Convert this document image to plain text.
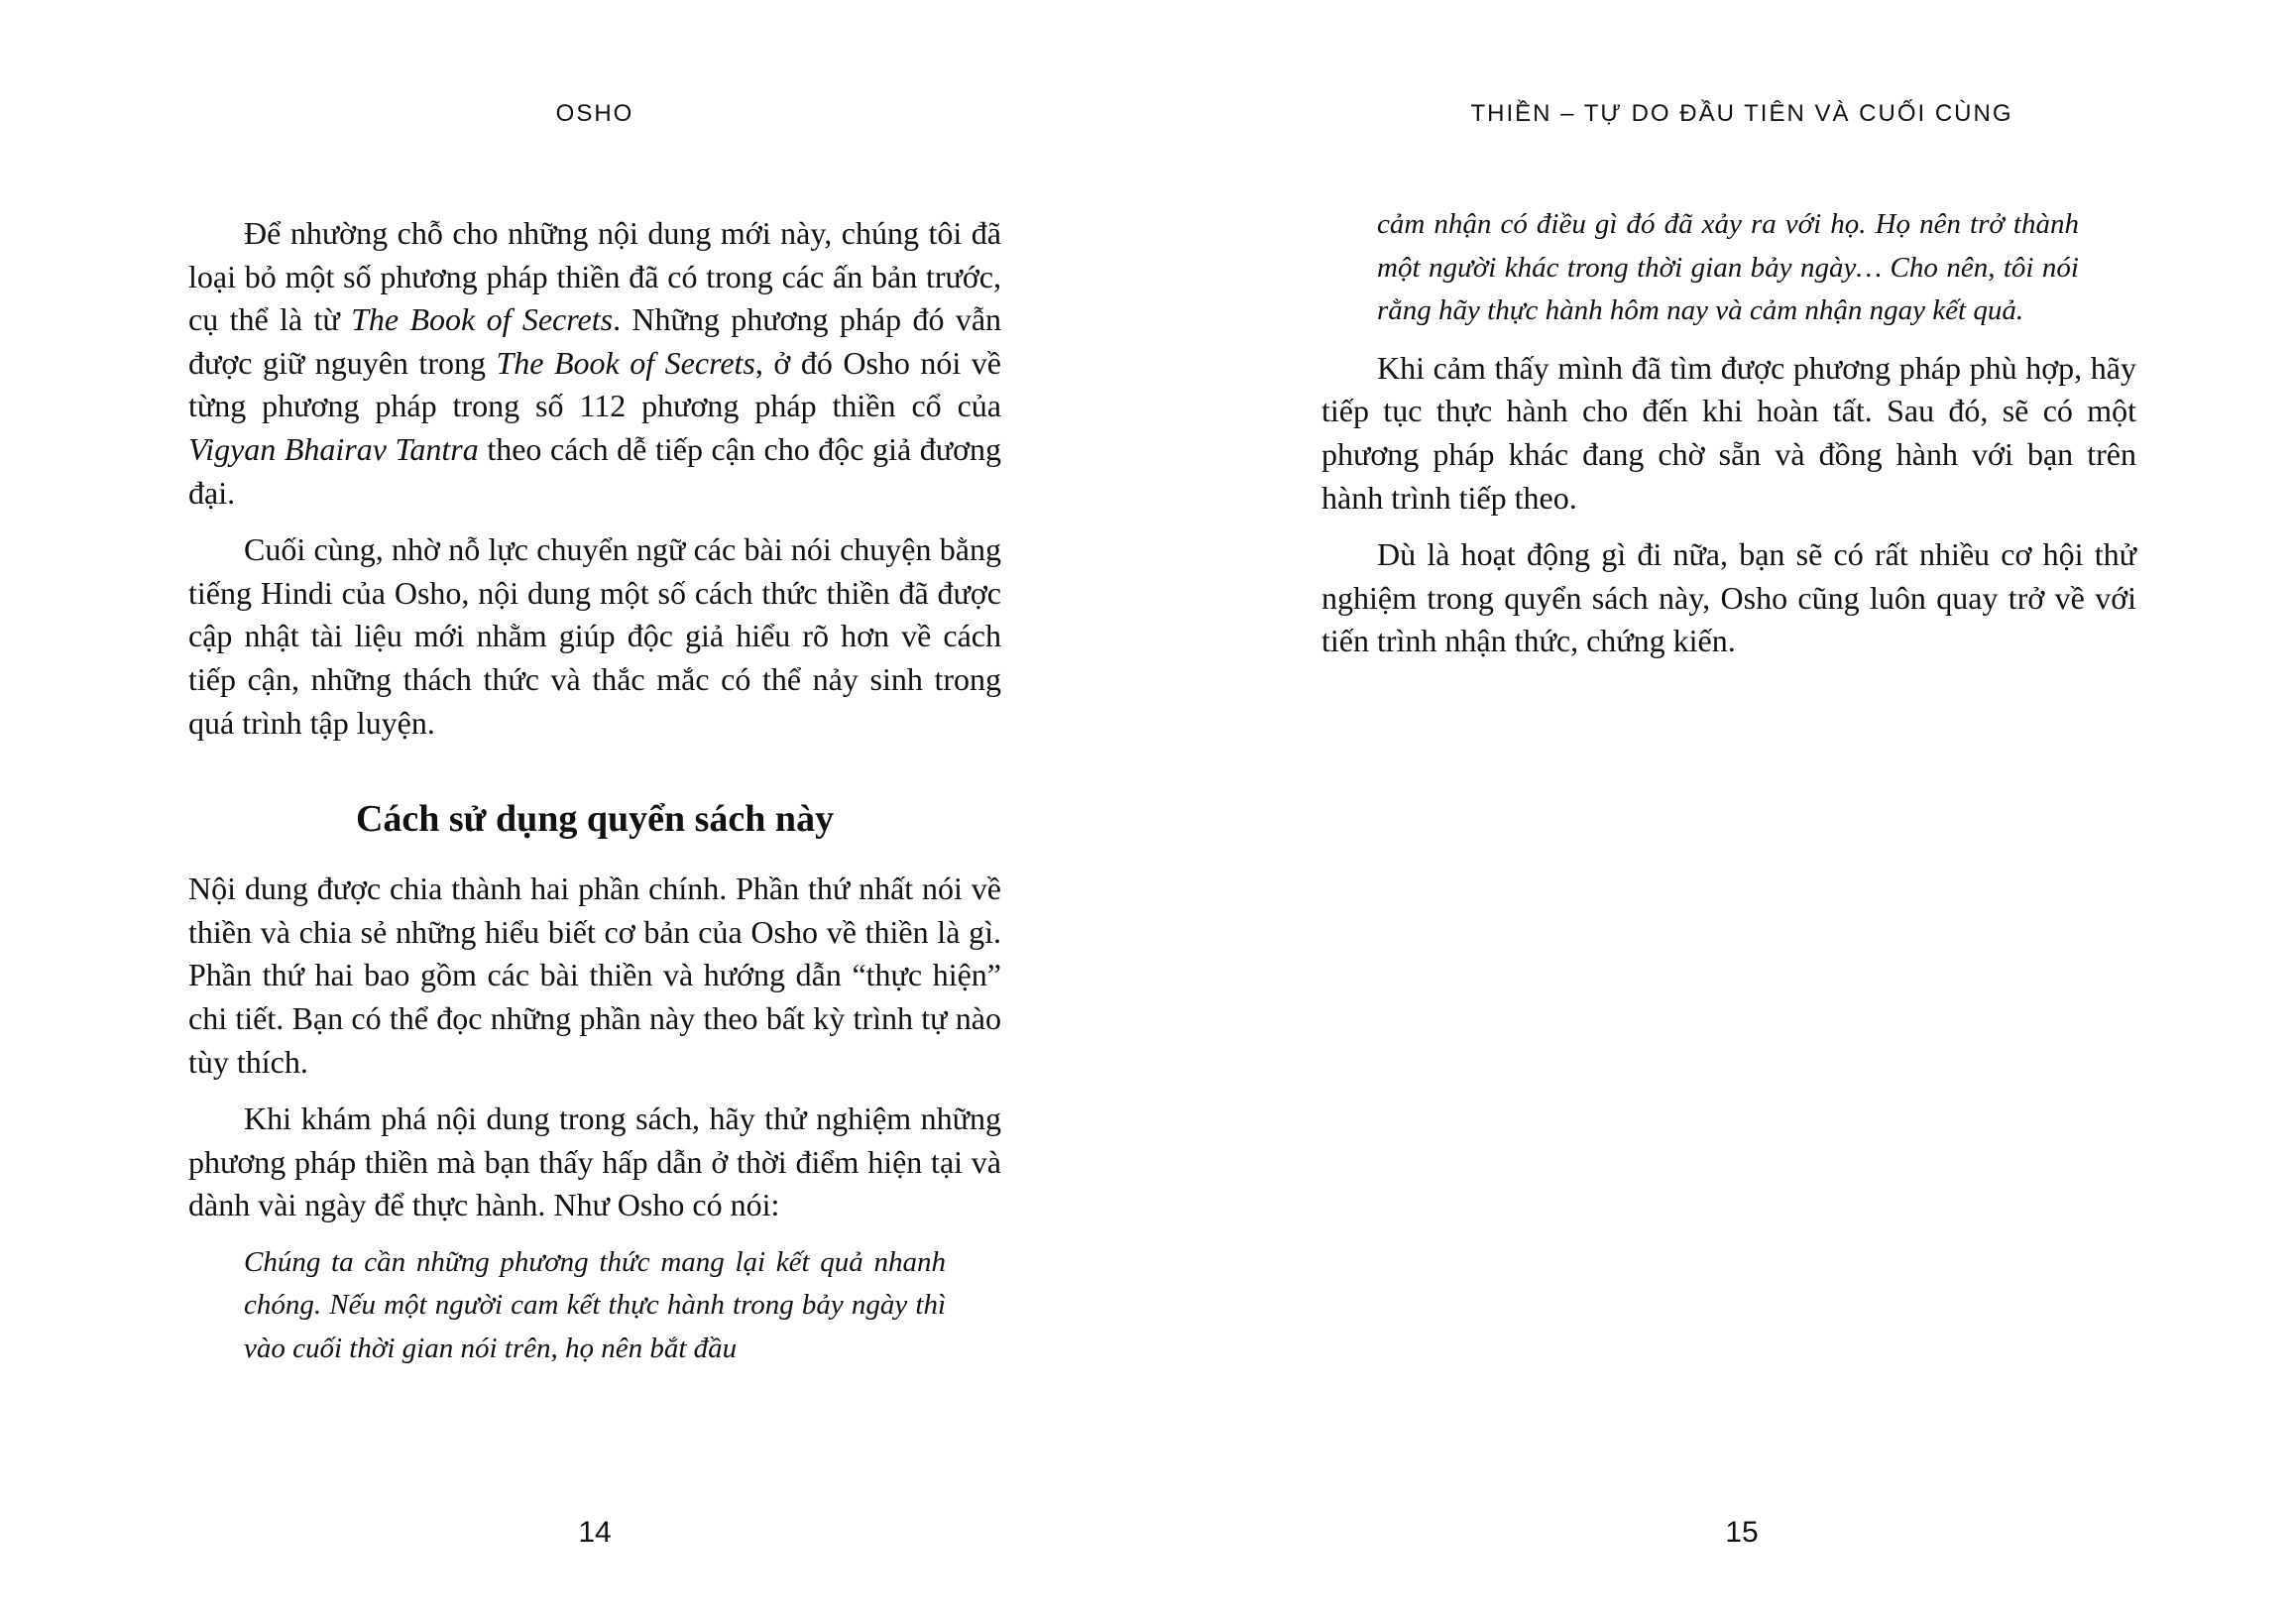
OSHO

Để nhường chỗ cho những nội dung mới này, chúng tôi đã loại bỏ một số phương pháp thiền đã có trong các ấn bản trước, cụ thể là từ The Book of Secrets. Những phương pháp đó vẫn được giữ nguyên trong The Book of Secrets, ở đó Osho nói về từng phương pháp trong số 112 phương pháp thiền cổ của Vigyan Bhairav Tantra theo cách dễ tiếp cận cho độc giả đương đại.

Cuối cùng, nhờ nỗ lực chuyển ngữ các bài nói chuyện bằng tiếng Hindi của Osho, nội dung một số cách thức thiền đã được cập nhật tài liệu mới nhằm giúp độc giả hiểu rõ hơn về cách tiếp cận, những thách thức và thắc mắc có thể nảy sinh trong quá trình tập luyện.

Cách sử dụng quyển sách này

Nội dung được chia thành hai phần chính. Phần thứ nhất nói về thiền và chia sẻ những hiểu biết cơ bản của Osho về thiền là gì. Phần thứ hai bao gồm các bài thiền và hướng dẫn “thực hiện” chi tiết. Bạn có thể đọc những phần này theo bất kỳ trình tự nào tùy thích.

Khi khám phá nội dung trong sách, hãy thử nghiệm những phương pháp thiền mà bạn thấy hấp dẫn ở thời điểm hiện tại và dành vài ngày để thực hành. Như Osho có nói:

Chúng ta cần những phương thức mang lại kết quả nhanh chóng. Nếu một người cam kết thực hành trong bảy ngày thì vào cuối thời gian nói trên, họ nên bắt đầu
14
THIỀN – TỰ DO ĐẦU TIÊN VÀ CUỐI CÙNG
cảm nhận có điều gì đó đã xảy ra với họ. Họ nên trở thành một người khác trong thời gian bảy ngày… Cho nên, tôi nói rằng hãy thực hành hôm nay và cảm nhận ngay kết quả.

Khi cảm thấy mình đã tìm được phương pháp phù hợp, hãy tiếp tục thực hành cho đến khi hoàn tất. Sau đó, sẽ có một phương pháp khác đang chờ sẵn và đồng hành với bạn trên hành trình tiếp theo.

Dù là hoạt động gì đi nữa, bạn sẽ có rất nhiều cơ hội thử nghiệm trong quyển sách này, Osho cũng luôn quay trở về với tiến trình nhận thức, chứng kiến.

15
